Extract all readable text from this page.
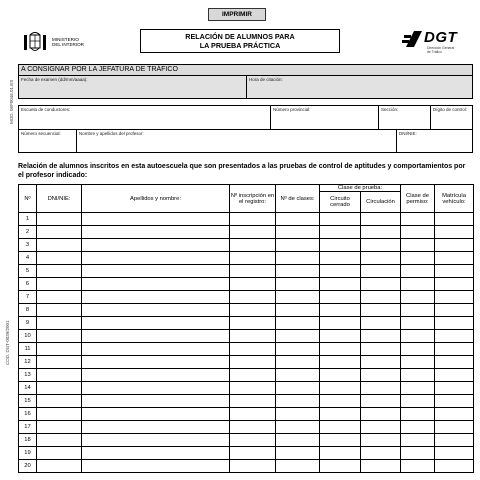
IMPRIMIR
MINISTERIO
DEL INTERIOR
RELACIÓN DE ALUMNOS PARA
LA PRUEBA PRÁCTICA	DGT
Dirección General
de Tráfico
MOD. 06F0046.01.ES
COD. DGT-0039/2001
A CONSIGNAR POR LA JEFATURA DE TRÁFICO
Fecha de examen (dd/mm/aaaa):	Hora de citación:
Escuela de conductores:	Número provincial:	Sección:	Dígito de control:
Número secuencial:	Nombre y apellidos del profesor:	DNI/NIE:
Relación de alumnos inscritos en esta autoescuela que son presentados a las pruebas de control de aptitudes y comportamientos por el profesor indicado:
Nº	DNI/NIE:	Apellidos y nombre:	Nº inscripción en el registro:	Nº de clases:	Clase de prueba:		Clase de permiso:	Matrícula vehículo:
					Circuito cerrado	Circulación		
1								
2								
3								
4								
5								
6								
7								
8								
9								
10								
11								
12								
13								
14								
15								
16								
17								
18								
19								
20								
